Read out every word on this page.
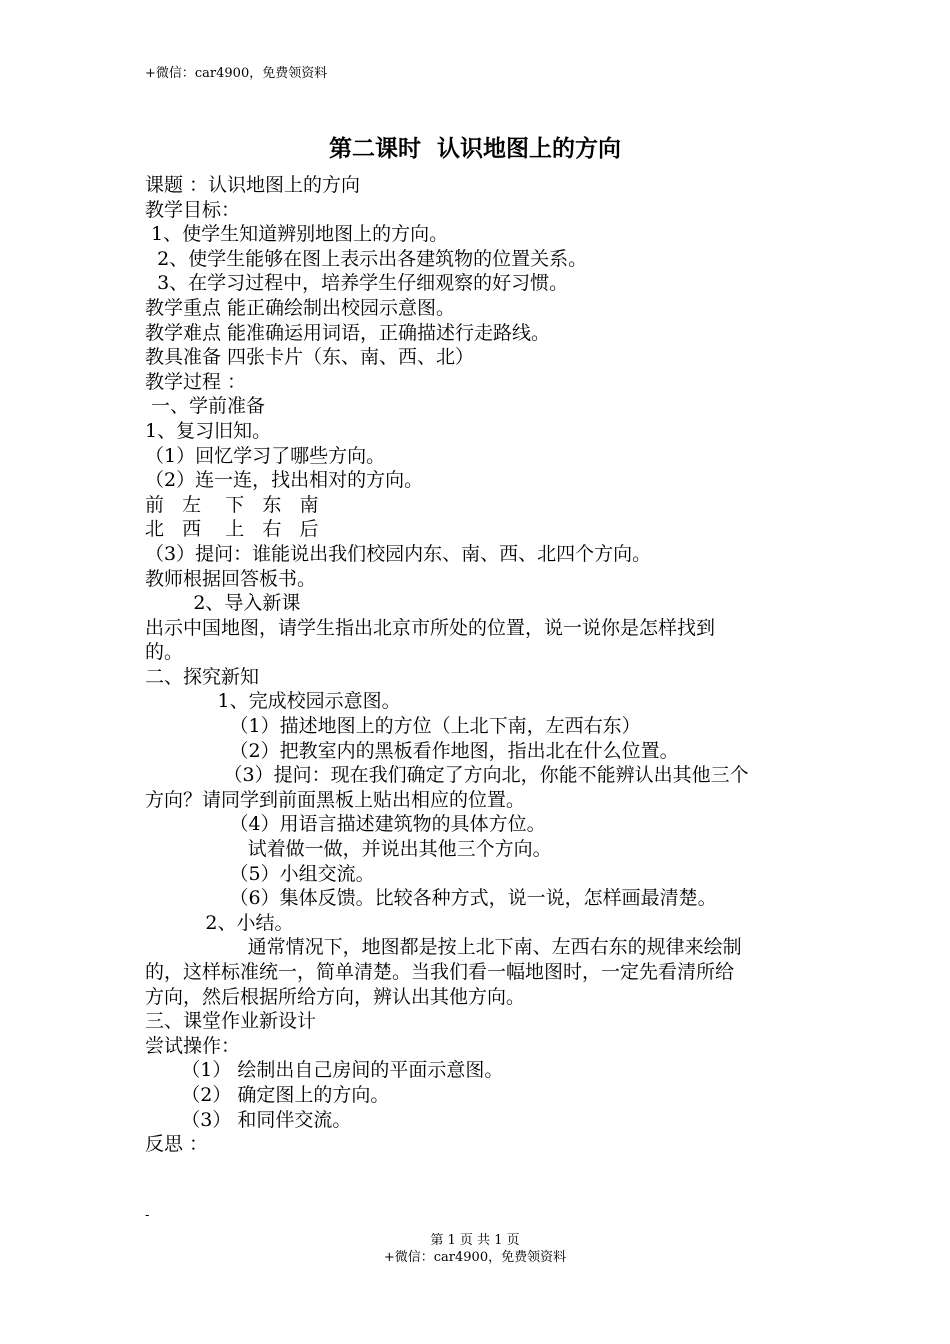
+微信：car4900，免费领资料
第二课时  认识地图上的方向
课题 ：认识地图上的方向
教学目标：
1、使学生知道辨别地图上的方向。
2、使学生能够在图上表示出各建筑物的位置关系。
3、在学习过程中，培养学生仔细观察的好习惯。
教学重点 能正确绘制出校园示意图。
教学难点 能准确运用词语，正确描述行走路线。
教具准备 四张卡片（东、南、西、北）
教学过程 ：
一、学前准备
1、复习旧知。
（1）回忆学习了哪些方向。
（2）连一连，找出相对的方向。
前   左    下   东   南
北   西    上   右   后
（3）提问：谁能说出我们校园内东、南、西、北四个方向。
教师根据回答板书。
2、导入新课
出示中国地图，请学生指出北京市所处的位置，说一说你是怎样找到
的。
二、探究新知
1、完成校园示意图。
（1）描述地图上的方位（上北下南，左西右东）
（2）把教室内的黑板看作地图，指出北在什么位置。
（3）提问：现在我们确定了方向北，你能不能辨认出其他三个
方向？请同学到前面黑板上贴出相应的位置。
（4）用语言描述建筑物的具体方位。
试着做一做，并说出其他三个方向。
（5）小组交流。
（6）集体反馈。比较各种方式，说一说，怎样画最清楚。
2、小结。
通常情况下，地图都是按上北下南、左西右东的规律来绘制
的，这样标准统一，简单清楚。当我们看一幅地图时，一定先看清所给
方向，然后根据所给方向，辨认出其他方向。
三、课堂作业新设计
尝试操作：
（1） 绘制出自己房间的平面示意图。
（2） 确定图上的方向。
（3） 和同伴交流。
反思 ：
-
第 1 页 共 1 页
+微信：car4900，免费领资料
